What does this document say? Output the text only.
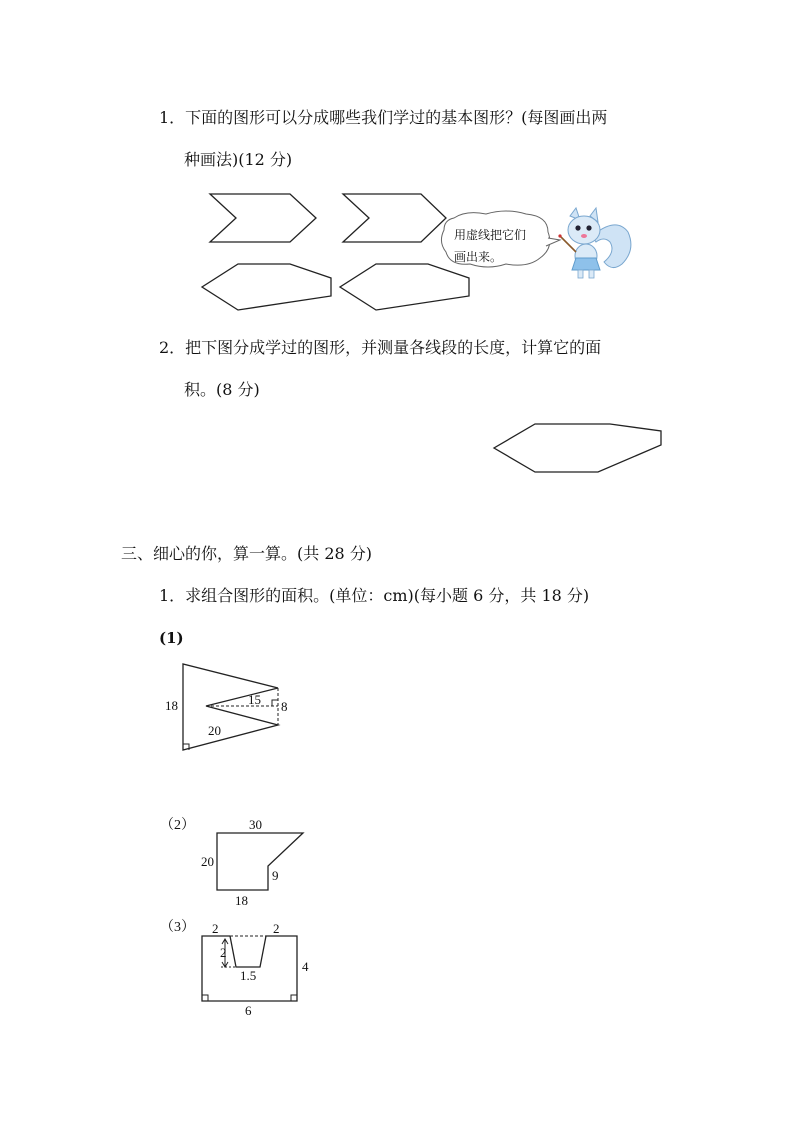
1．下面的图形可以分成哪些我们学过的基本图形？(每图画出两
种画法)(12 分)
用虚线把它们
画出来。
2．把下图分成学过的图形，并测量各线段的长度，计算它的面
积。(8 分)
三、细心的你，算一算。(共 28 分)
1．求组合图形的面积。(单位：cm)(每小题 6 分，共 18 分)
(1)
18	15 8
20
（2）	30
20
9
18
（3） 2	2
2
1.5
4
6
